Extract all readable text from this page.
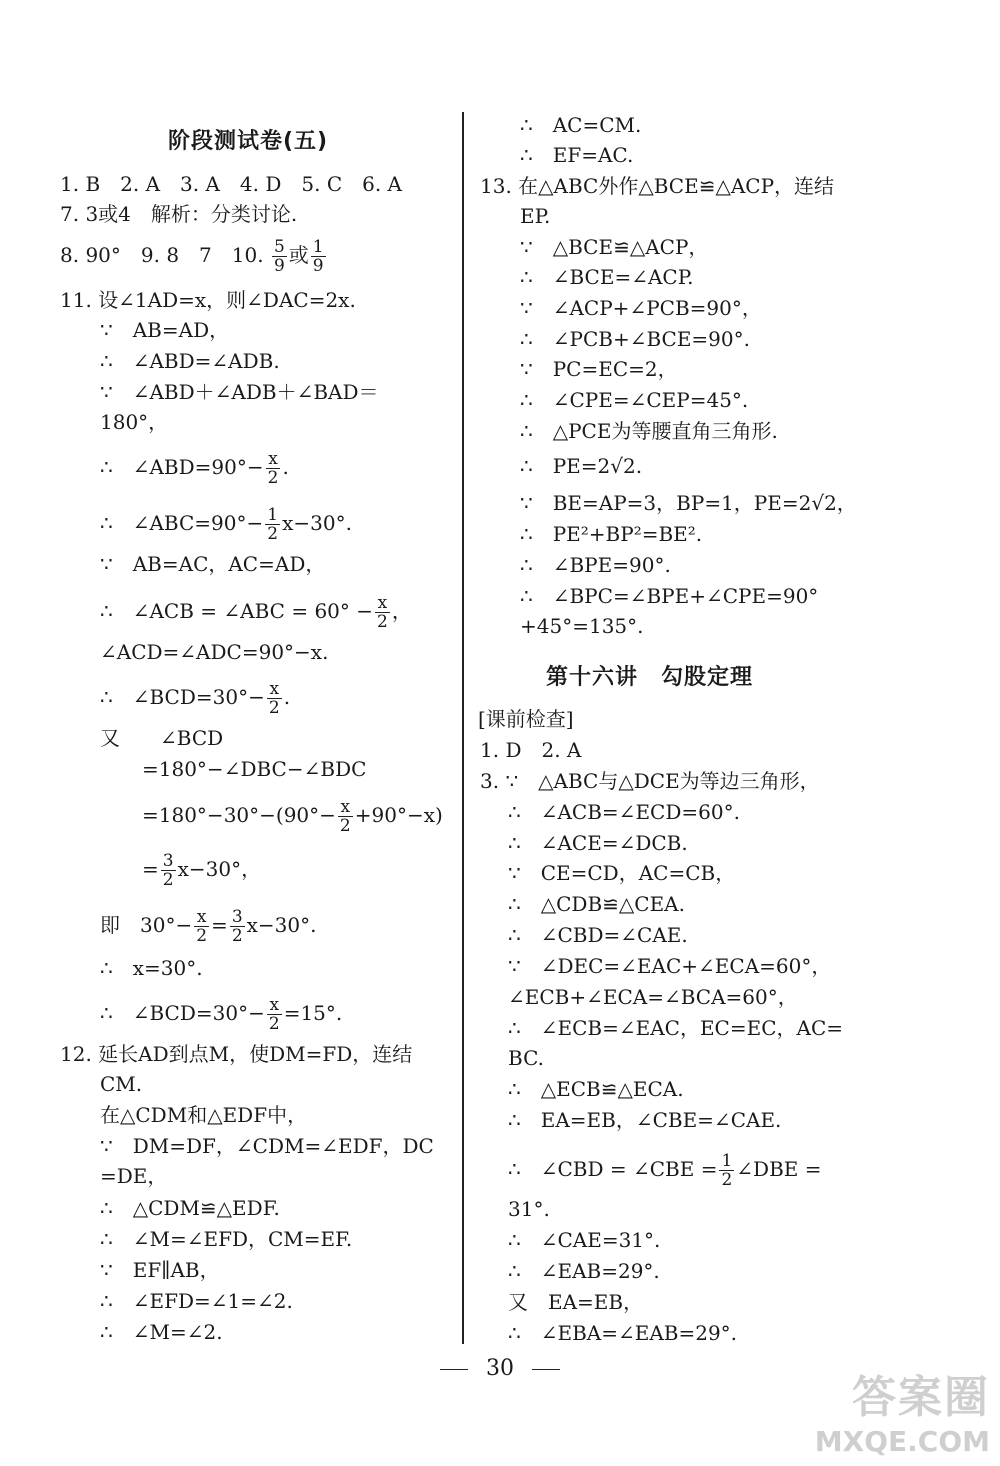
阶段测试卷(五)
8. 90°　9. 8　7　10. $\frac{5}{9}$ 或 $\frac{1}{9}$
∴　∠ABD=90°− $\frac{x}{2}$ .
∴　∠ABC=90°− $\frac{1}{2} x-30^\circ$.
∴　∠ACB = ∠ABC = $60^\circ - \frac{x}{2}$ ，
∴　∠BCD=30°− $\frac{x}{2}$ .
$=180^\circ-30^\circ-(90^\circ- \frac{x}{2} +90^\circ-x)$
= $\frac{3}{2} x-30^\circ$，
即　$30^\circ- \frac{x}{2} = \frac{3}{2} x-30^\circ$.
∴　∠BCD=30°− $\frac{x}{2} =15^\circ$.
第十六讲　勾股定理
[课前检查]
∴　∠CBD = ∠CBE = $\frac{1}{2}$ ∠DBE =
30
答案圈
MXQE.COM
1. B　2. A　3. A　4. D　5. C　6. A
7. 3或4　解析：分类讨论.
11. 设∠1AD=x，则∠DAC=2x.
∵　AB=AD，
∴　∠ABD=∠ADB.
∵　∠ABD＋∠ADB＋∠BAD＝
180°，
∵　AB=AC，AC=AD，
∠ACD=∠ADC=90°−x.
又　　∠BCD
=180°−∠DBC−∠BDC
∴　x=30°.
12. 延长AD到点M，使DM=FD，连结
CM.
在△CDM和△EDF中，
∵　DM=DF，∠CDM=∠EDF，DC
=DE，
∴　△CDM≌△EDF.
∴　∠M=∠EFD，CM=EF.
∵　EF∥AB，
∴　∠EFD=∠1=∠2.
∴　∠M=∠2.
∴　AC=CM.
∴　EF=AC.
13. 在△ABC外作△BCE≌△ACP，连结
EP.
∵　△BCE≌△ACP，
∴　∠BCE=∠ACP.
∵　∠ACP+∠PCB=90°，
∴　∠PCB+∠BCE=90°.
∵　PC=EC=2，
∴　∠CPE=∠CEP=45°.
∴　△PCE为等腰直角三角形.
∴　PE=2√2.
∵　BE=AP=3，BP=1，PE=2√2，
∴　PE²+BP²=BE².
∴　∠BPE=90°.
∴　∠BPC=∠BPE+∠CPE=90°
+45°=135°.
1. D　2. A
3. ∵　△ABC与△DCE为等边三角形，
∴　∠ACB=∠ECD=60°.
∴　∠ACE=∠DCB.
∵　CE=CD，AC=CB，
∴　△CDB≌△CEA.
∴　∠CBD=∠CAE.
∵　∠DEC=∠EAC+∠ECA=60°，
∠ECB+∠ECA=∠BCA=60°，
∴　∠ECB=∠EAC，EC=EC，AC=
BC.
∴　△ECB≌△ECA.
∴　EA=EB，∠CBE=∠CAE.
31°.
∴　∠CAE=31°.
∴　∠EAB=29°.
又　EA=EB，
∴　∠EBA=∠EAB=29°.
